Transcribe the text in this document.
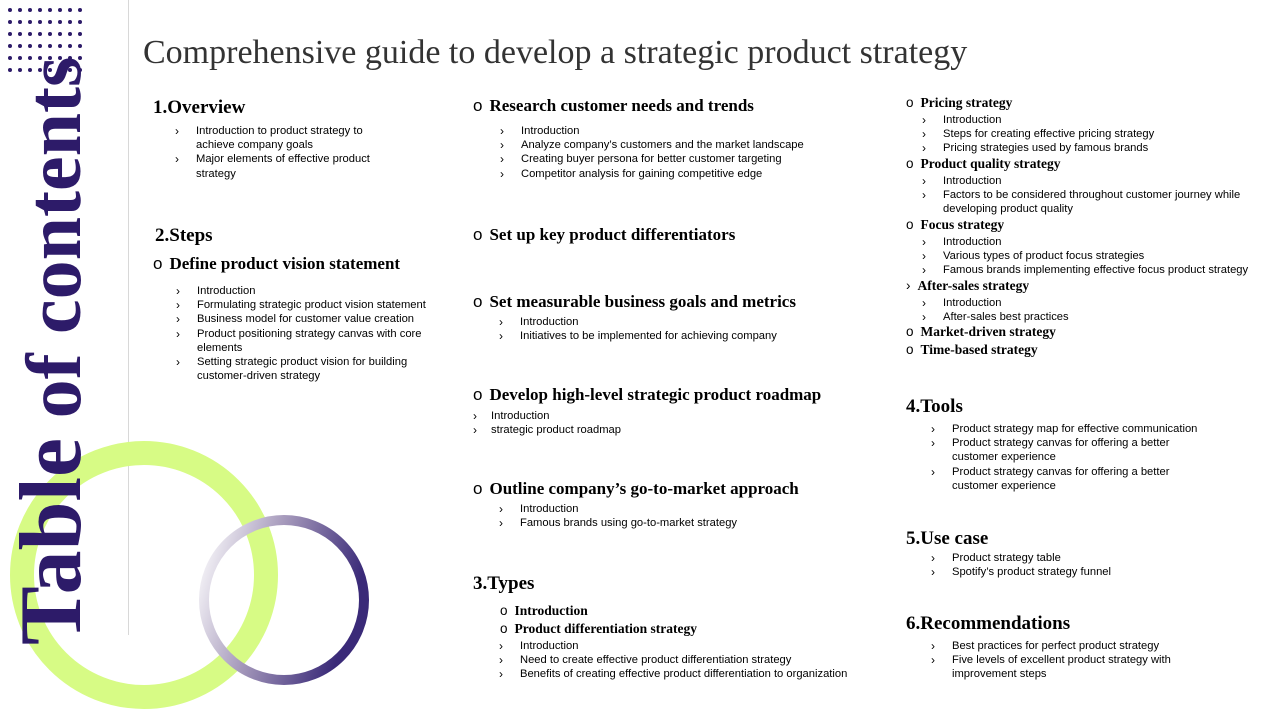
Table of contents
Comprehensive guide to develop a strategic product strategy
1.Overview
› Introduction to product strategy to achieve company goals
› Major elements of effective product strategy
2.Steps
o Define product vision statement
› Introduction
› Formulating strategic product vision statement
› Business model for customer value creation
› Product positioning strategy canvas with core elements
› Setting strategic product vision for building customer-driven strategy
o Research customer needs and trends
› Introduction
› Analyze company’s customers and the market landscape
› Creating buyer persona for better customer targeting
› Competitor analysis for gaining competitive edge
o Set up key product differentiators
o Set measurable business goals and metrics
› Introduction
› Initiatives to be implemented for achieving company
o Develop high-level strategic product roadmap
› Introduction
› strategic product roadmap
o Outline company’s go-to-market approach
› Introduction
› Famous brands using go-to-market strategy
3.Types
o Introduction
o Product differentiation strategy
› Introduction
› Need to create effective product differentiation strategy
› Benefits of creating effective product differentiation to organization
o Pricing strategy
› Introduction
› Steps for creating effective pricing strategy
› Pricing strategies used by famous brands
o Product quality strategy
› Introduction
› Factors to be considered throughout customer journey while developing product quality
o Focus strategy
› Introduction
› Various types of product focus strategies
› Famous brands implementing effective focus product strategy
› After-sales strategy
› Introduction
› After-sales best practices
o Market-driven strategy
o Time-based strategy
4.Tools
› Product strategy map for effective communication
› Product strategy canvas for offering a better customer experience
› Product strategy canvas for offering a better customer experience
5.Use case
› Product strategy table
› Spotify’s product strategy funnel
6.Recommendations
› Best practices for perfect product strategy
› Five levels of excellent product strategy with improvement steps
